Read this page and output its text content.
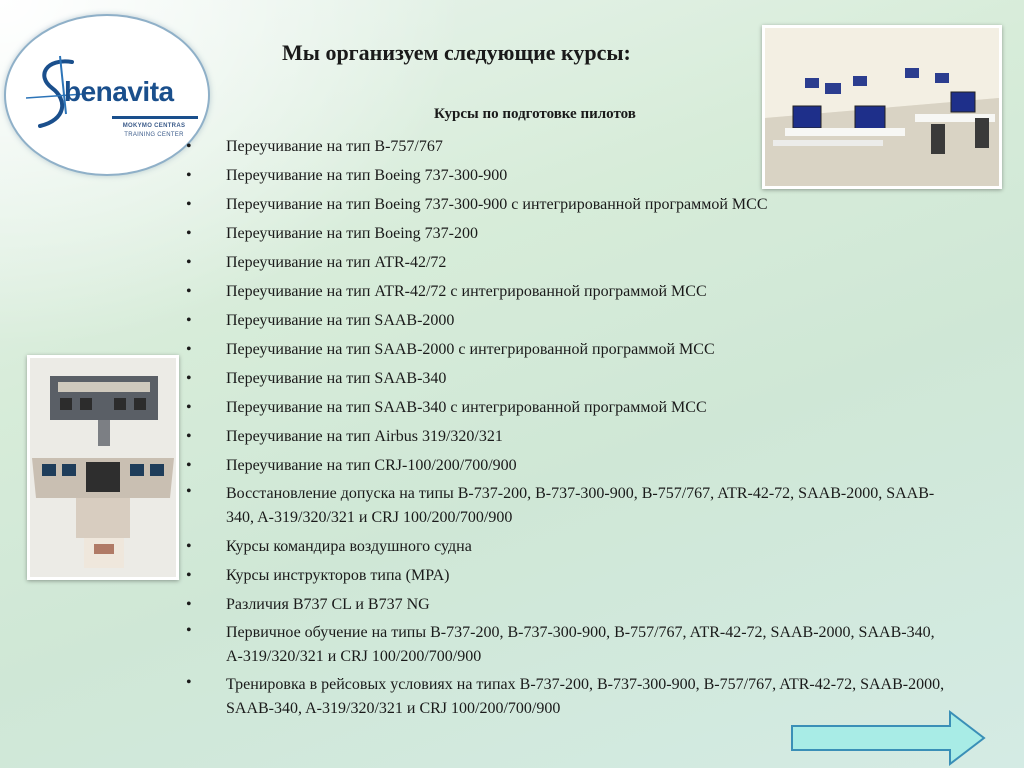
benavita
MOKYMO CENTRAS
TRAINING CENTER
Мы организуем следующие курсы:
Курсы по подготовке пилотов
• Переучивание на тип B-757/767
• Переучивание на тип Boeing 737-300-900
• Переучивание на тип Boeing 737-300-900 с интегрированной программой MCC
• Переучивание на тип Boeing 737-200
• Переучивание на тип ATR-42/72
• Переучивание на тип ATR-42/72 с интегрированной программой MCC
• Переучивание на тип SAAB-2000
• Переучивание на тип SAAB-2000 с интегрированной программой MCC
• Переучивание на тип SAAB-340
• Переучивание на тип SAAB-340 с интегрированной программой MCC
• Переучивание на тип Airbus 319/320/321
• Переучивание на тип CRJ-100/200/700/900
• Восстановление допуска на типы B-737-200, B-737-300-900, B-757/767, ATR-42-72, SAAB-2000, SAAB-340, A-319/320/321 и CRJ 100/200/700/900
• Курсы командира воздушного судна
• Курсы инструкторов типа (MPA)
• Различия B737 CL и B737 NG
• Первичное обучение на типы B-737-200, B-737-300-900, B-757/767, ATR-42-72, SAAB-2000, SAAB-340, A-319/320/321 и CRJ 100/200/700/900
• Тренировка в рейсовых условиях на типах B-737-200, B-737-300-900, B-757/767, ATR-42-72, SAAB-2000, SAAB-340, A-319/320/321 и CRJ 100/200/700/900
